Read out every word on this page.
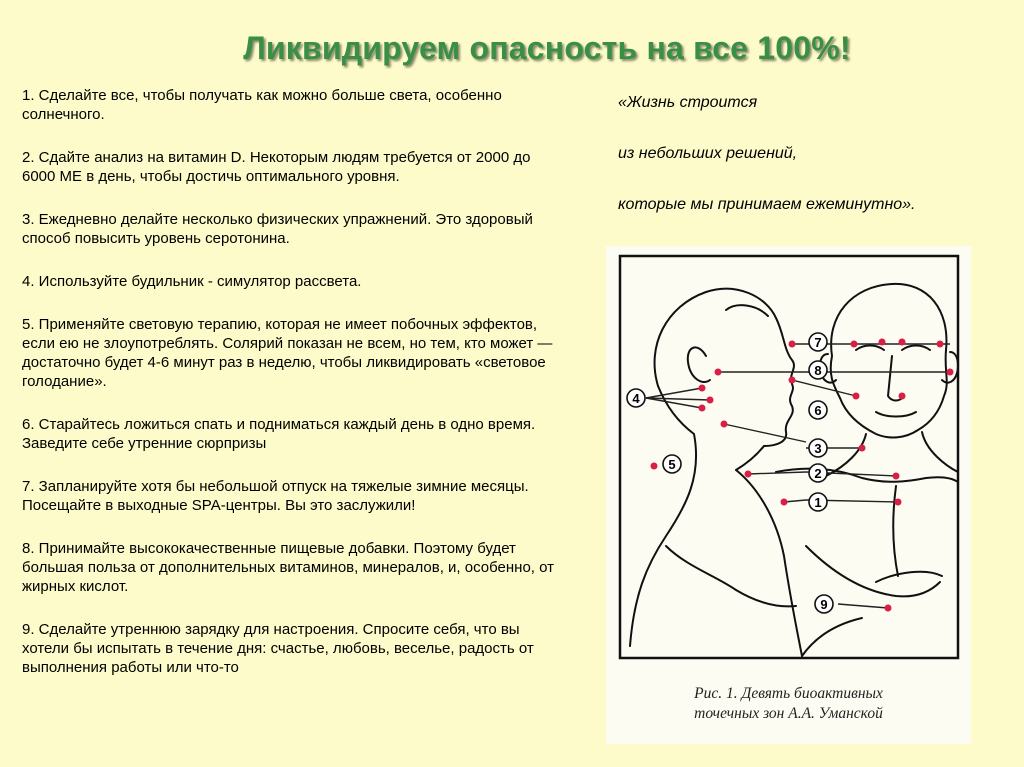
Ликвидируем опасность на все 100%!
1. Сделайте все, чтобы получать как можно больше света, особенно солнечного.
2. Сдайте анализ на витамин D. Некоторым людям требуется от 2000 до 6000 МЕ в день, чтобы достичь оптимального уровня.
3. Ежедневно делайте несколько физических упражнений. Это здоровый способ повысить уровень серотонина.
4. Используйте будильник - симулятор рассвета.
5. Применяйте световую терапию, которая не имеет побочных эффектов, если ею не злоупотреблять. Солярий показан не всем, но тем, кто может — достаточно будет 4-6 минут раз в неделю, чтобы ликвидировать «световое голодание».
6. Старайтесь ложиться спать и подниматься каждый день в одно время. Заведите себе утренние сюрпризы
7. Запланируйте хотя бы небольшой отпуск на тяжелые зимние месяцы. Посещайте в выходные SPA-центры. Вы это заслужили!
8. Принимайте высококачественные пищевые добавки. Поэтому будет большая польза от дополнительных витаминов, минералов, и, особенно, от жирных кислот.
9. Сделайте утреннюю зарядку для настроения. Спросите себя, что вы хотели бы испытать в течение дня: счастье, любовь, веселье, радость от выполнения работы или что-то
«Жизнь строится
из небольших решений,
которые мы принимаем ежеминутно».
7
8
6
3
2
1
4
5
9
Рис. 1. Девять биоактивных
точечных зон А.А. Уманской
